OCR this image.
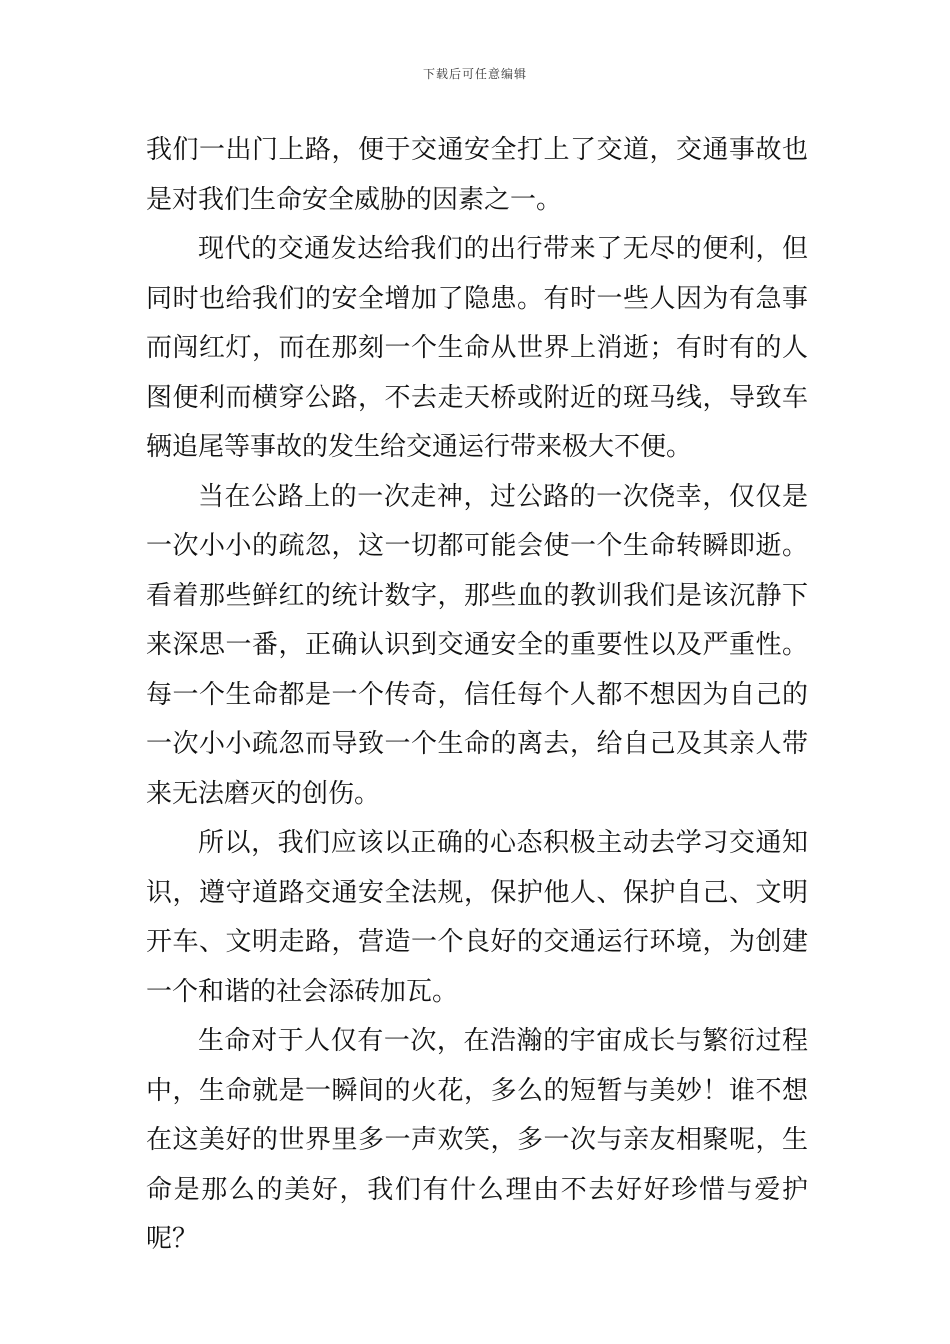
下载后可任意编辑

我们一出门上路，便于交通安全打上了交道，交通事故也是对我们生命安全威胁的因素之一。

现代的交通发达给我们的出行带来了无尽的便利，但同时也给我们的安全增加了隐患。有时一些人因为有急事而闯红灯，而在那刻一个生命从世界上消逝；有时有的人图便利而横穿公路，不去走天桥或附近的斑马线，导致车辆追尾等事故的发生给交通运行带来极大不便。

当在公路上的一次走神，过公路的一次侥幸，仅仅是一次小小的疏忽，这一切都可能会使一个生命转瞬即逝。看着那些鲜红的统计数字，那些血的教训我们是该沉静下来深思一番，正确认识到交通安全的重要性以及严重性。每一个生命都是一个传奇，信任每个人都不想因为自己的一次小小疏忽而导致一个生命的离去，给自己及其亲人带来无法磨灭的创伤。

所以，我们应该以正确的心态积极主动去学习交通知识，遵守道路交通安全法规，保护他人、保护自己、文明开车、文明走路，营造一个良好的交通运行环境，为创建一个和谐的社会添砖加瓦。

生命对于人仅有一次，在浩瀚的宇宙成长与繁衍过程中，生命就是一瞬间的火花，多么的短暂与美妙！谁不想在这美好的世界里多一声欢笑，多一次与亲友相聚呢，生命是那么的美好，我们有什么理由不去好好珍惜与爱护呢？
